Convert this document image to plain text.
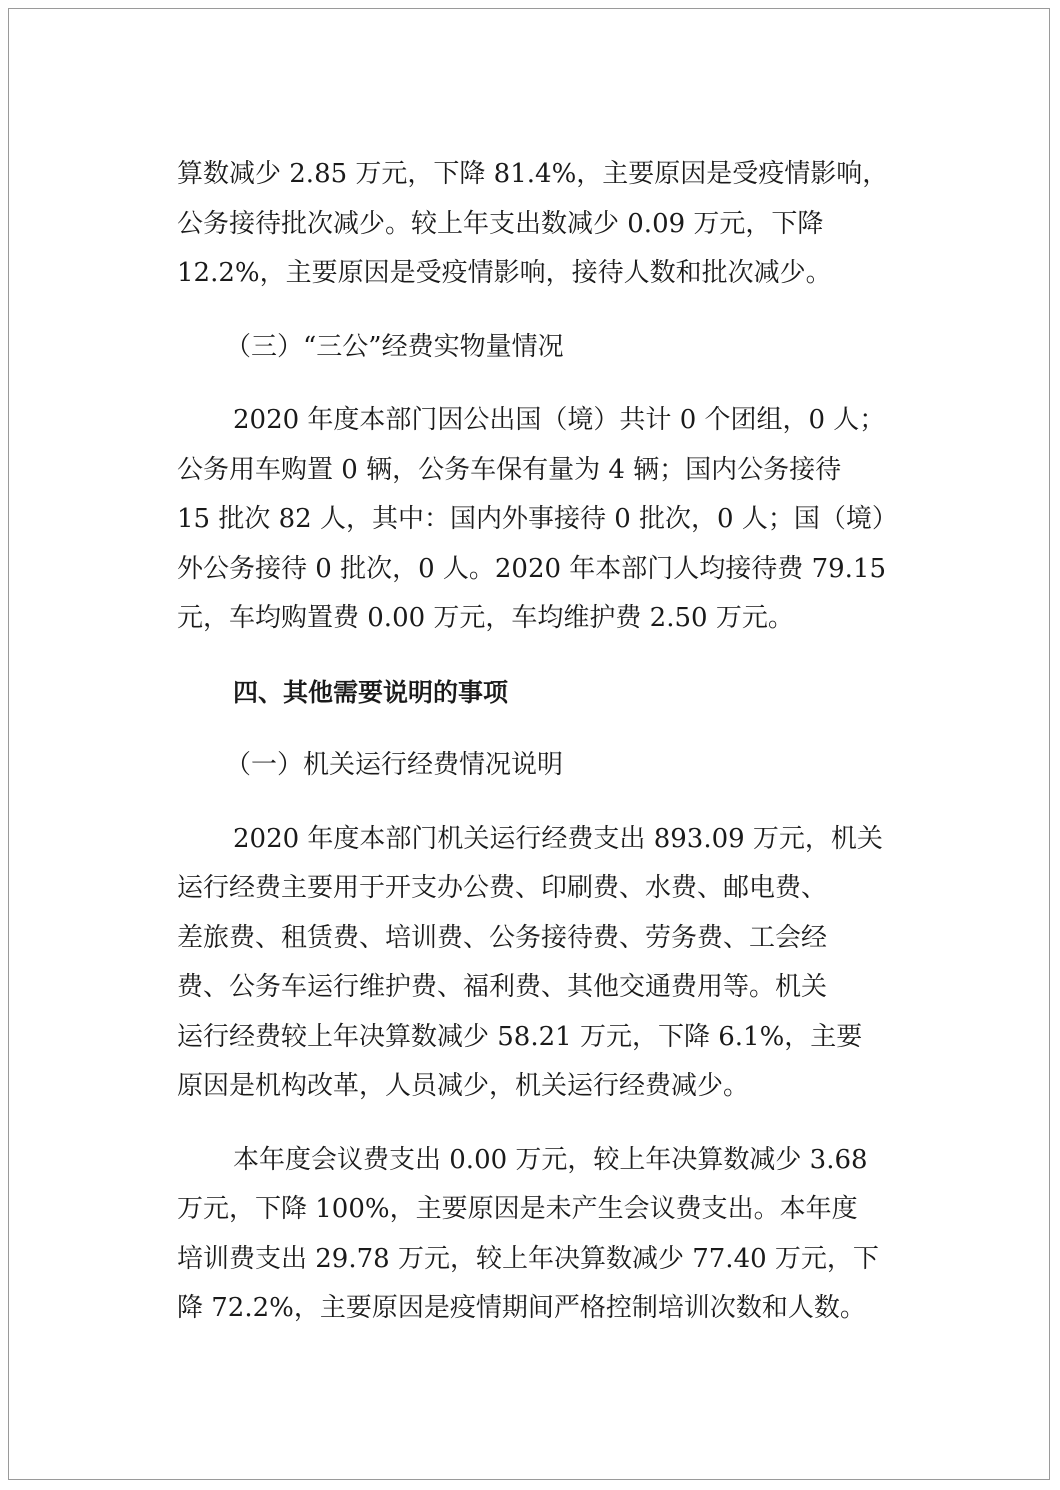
算数减少 2.85 万元，下降 81.4%，主要原因是受疫情影响，
公务接待批次减少。较上年支出数减少 0.09 万元，下降
12.2%，主要原因是受疫情影响，接待人数和批次减少。

（三）“三公”经费实物量情况

2020 年度本部门因公出国（境）共计 0 个团组，0 人；

公务用车购置 0 辆，公务车保有量为 4 辆；国内公务接待
15 批次 82 人，其中：国内外事接待 0 批次，0 人；国（境）
外公务接待 0 批次，0 人。2020 年本部门人均接待费 79.15
元，车均购置费 0.00 万元，车均维护费 2.50 万元。

四、其他需要说明的事项

（一）机关运行经费情况说明

2020 年度本部门机关运行经费支出 893.09 万元，机关

运行经费主要用于开支办公费、印刷费、水费、邮电费、
差旅费、租赁费、培训费、公务接待费、劳务费、工会经
费、公务车运行维护费、福利费、其他交通费用等。机关
运行经费较上年决算数减少 58.21 万元，下降 6.1%，主要
原因是机构改革，人员减少，机关运行经费减少。

本年度会议费支出 0.00 万元，较上年决算数减少 3.68

万元，下降 100%，主要原因是未产生会议费支出。本年度
培训费支出 29.78 万元，较上年决算数减少 77.40 万元，下
降 72.2%，主要原因是疫情期间严格控制培训次数和人数。
